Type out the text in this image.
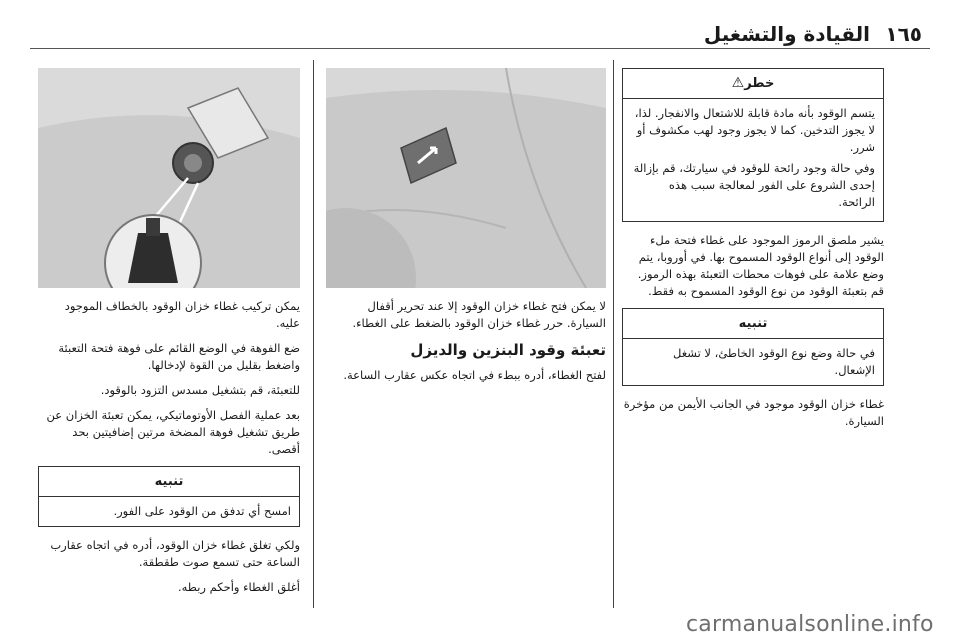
١٦٥
القيادة والتشغيل
خطر⚠

يتسم الوقود بأنه مادة قابلة للاشتعال والانفجار. لذا، لا يجوز التدخين. كما لا يجوز وجود لهب مكشوف أو شرر.

وفي حالة وجود رائحة للوقود في سيارتك، قم بإزالة إحدى الشروع على الفور لمعالجة سبب هذه الرائحة.

يشير ملصق الرموز الموجود على غطاء فتحة ملء الوقود إلى أنواع الوقود المسموح بها. في أوروبا، يتم وضع علامة على فوهات محطات التعبئة بهذه الرموز. قم بتعبئة الوقود من نوع الوقود المسموح به فقط.

تنبيه
في حالة وضع نوع الوقود الخاطئ، لا تشغل الإشعال.

غطاء خزان الوقود موجود في الجانب الأيمن من مؤخرة السيارة.

لا يمكن فتح غطاء خزان الوقود إلا عند تحرير أقفال السيارة. حرر غطاء خزان الوقود بالضغط على الغطاء.

تعبئة وقود البنزين والديزل

لفتح الغطاء، أدره ببطء في اتجاه عكس عقارب الساعة.

يمكن تركيب غطاء خزان الوقود بالخطاف الموجود عليه.

ضع الفوهة في الوضع القائم على فوهة فتحة التعبئة واضغط بقليل من القوة لإدخالها.

للتعبئة، قم بتشغيل مسدس التزود بالوقود.

بعد عملية الفصل الأوتوماتيكي، يمكن تعبئة الخزان عن طريق تشغيل فوهة المضخة مرتين إضافيتين بحد أقصى.

تنبيه
امسح أي تدفق من الوقود على الفور.

ولكي تغلق غطاء خزان الوقود، أدره في اتجاه عقارب الساعة حتى تسمع صوت طقطقة.

أغلق الغطاء وأحكم ربطه.

carmanualsonline.info
